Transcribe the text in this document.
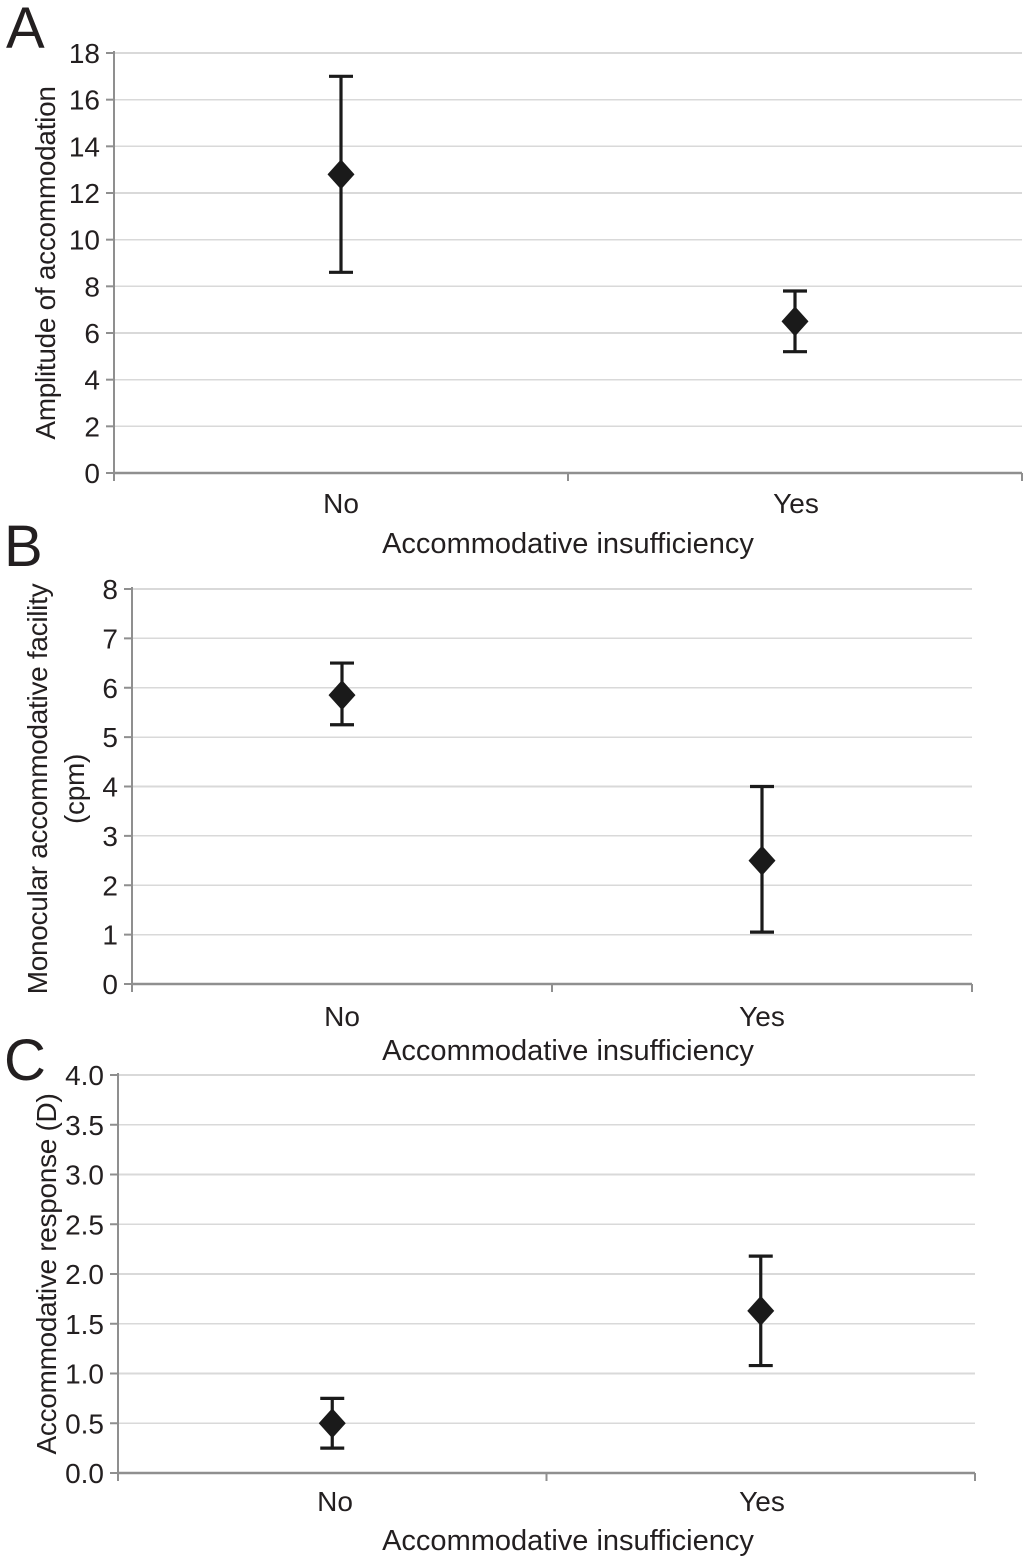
18
16
14
12
10
8
6
4
2
0
8
7
6
5
4
3
2
1
0
4.0
3.5
3.0
2.5
2.0
1.5
1.0
0.5
0.0
A
Amplitude of accommodation
No	Yes
Accommodative insufficiency
B
Monocular accommodative facility (cpm)
No	Yes
Accommodative insufficiency
C
Accommodative response (D)
No	Yes
Accommodative insufficiency
